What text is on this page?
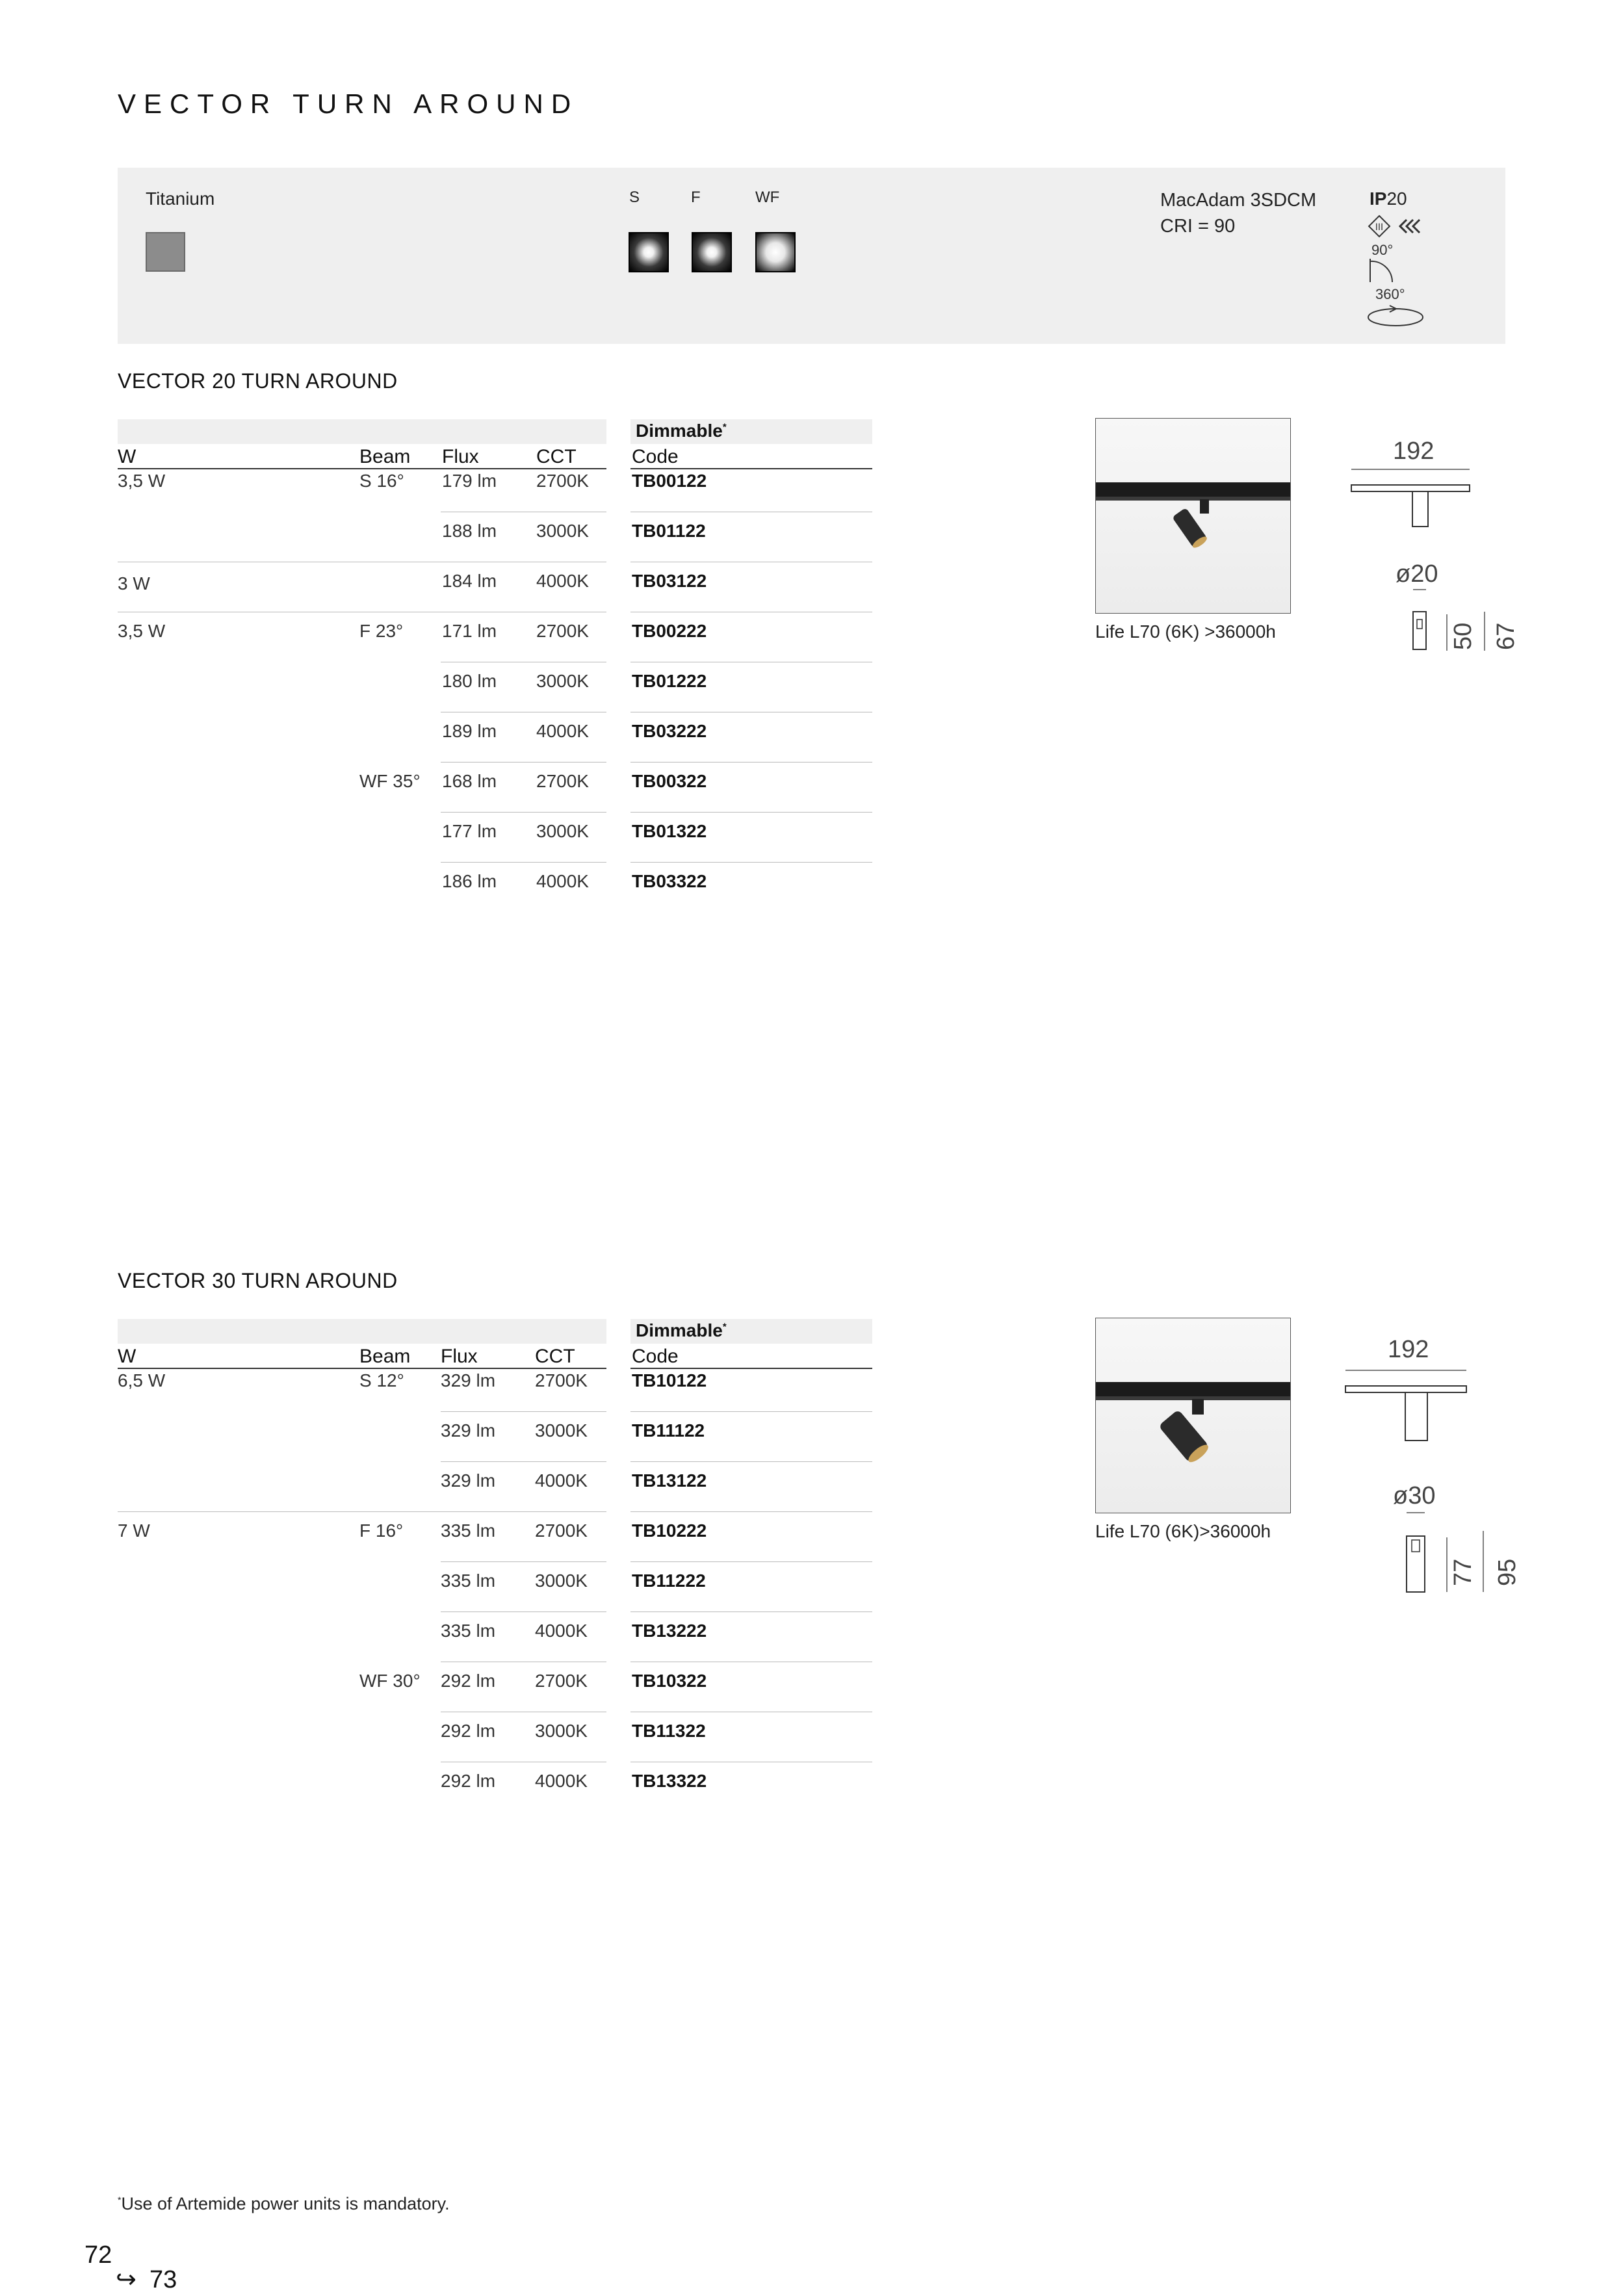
VECTOR TURN AROUND
Titanium	S	F	WF	MacAdam 3SDCM
CRI = 90
IP20
III
90°
360°
VECTOR 20 TURN AROUND
Dimmable*
W	Beam Flux	CCT	Code
3,5 W	S 16° 179 lm 2700K TB00122
188 lm 3000K TB01122
3 W	184 lm 4000K TB03122
3,5 W	F 23° 171 lm 2700K TB00222
180 lm 3000K TB01222
189 lm 4000K TB03222
WF 35° 168 lm 2700K TB00322
177 lm 3000K TB01322
186 lm 4000K TB03322
Life L70 (6K) >36000h
192
ø20
50 67
VECTOR 30 TURN AROUND
Dimmable*
W	Beam Flux	CCT	Code
6,5 W	S 12° 329 lm 2700K TB10122
329 lm 3000K TB11122
329 lm 4000K TB13122
7 W	F 16° 335 lm 2700K TB10222
335 lm 3000K TB11222
335 lm 4000K TB13222
WF 30° 292 lm 2700K TB10322
292 lm 3000K TB11322
292 lm 4000K TB13322
Life L70 (6K)>36000h
192
ø30
77 95
*Use of Artemide power units is mandatory.
72
↪ 73
